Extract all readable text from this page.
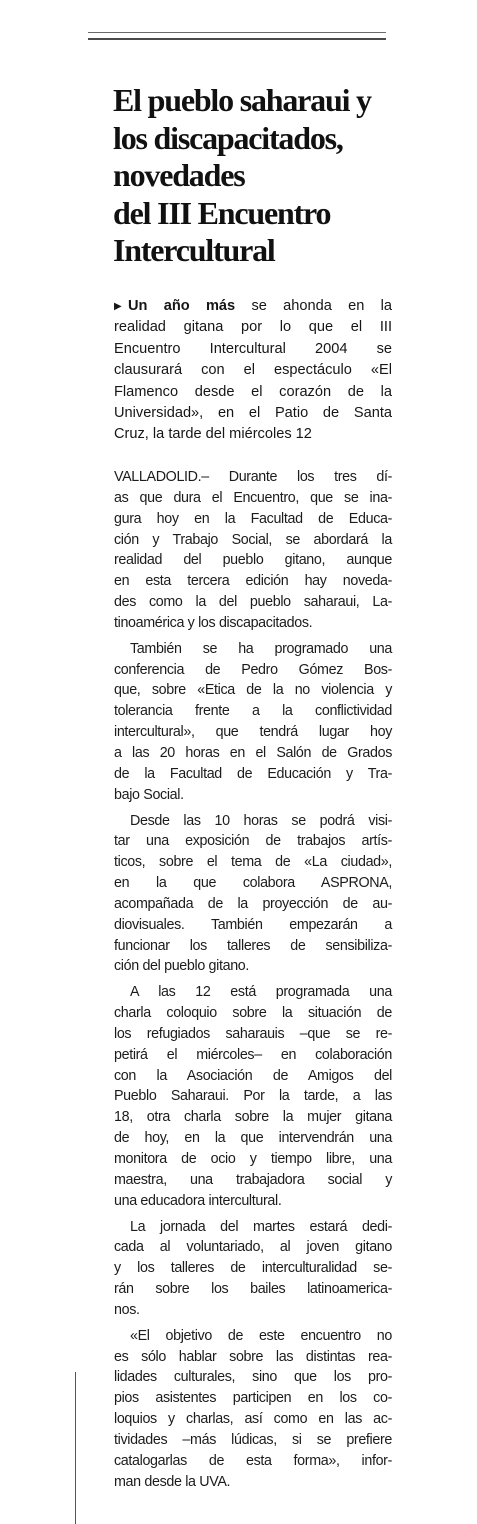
El pueblo saharaui y
los discapacitados,
novedades
del III Encuentro
Intercultural
▶ Un año más se ahonda en la
realidad gitana por lo que el III
Encuentro Intercultural 2004 se
clausurará con el espectáculo «El
Flamenco desde el corazón de la
Universidad», en el Patio de Santa
Cruz, la tarde del miércoles 12

VALLADOLID.– Durante los tres dí-
as que dura el Encuentro, que se ina-
gura hoy en la Facultad de Educa-
ción y Trabajo Social, se abordará la
realidad del pueblo gitano, aunque
en esta tercera edición hay noveda-
des como la del pueblo saharaui, La-
tinoamérica y los discapacitados.

También se ha programado una
conferencia de Pedro Gómez Bos-
que, sobre «Etica de la no violencia y
tolerancia frente a la conflictividad
intercultural», que tendrá lugar hoy
a las 20 horas en el Salón de Grados
de la Facultad de Educación y Tra-
bajo Social.

Desde las 10 horas se podrá visi-
tar una exposición de trabajos artís-
ticos, sobre el tema de «La ciudad»,
en la que colabora ASPRONA,
acompañada de la proyección de au-
diovisuales. También empezarán a
funcionar los talleres de sensibiliza-
ción del pueblo gitano.

A las 12 está programada una
charla coloquio sobre la situación de
los refugiados saharauis –que se re-
petirá el miércoles– en colaboración
con la Asociación de Amigos del
Pueblo Saharaui. Por la tarde, a las
18, otra charla sobre la mujer gitana
de hoy, en la que intervendrán una
monitora de ocio y tiempo libre, una
maestra, una trabajadora social y
una educadora intercultural.

La jornada del martes estará dedi-
cada al voluntariado, al joven gitano
y los talleres de interculturalidad se-
rán sobre los bailes latinoamerica-
nos.

«El objetivo de este encuentro no
es sólo hablar sobre las distintas rea-
lidades culturales, sino que los pro-
pios asistentes participen en los co-
loquios y charlas, así como en las ac-
tividades –más lúdicas, si se prefiere
catalogarlas de esta forma», infor-
man desde la UVA.
